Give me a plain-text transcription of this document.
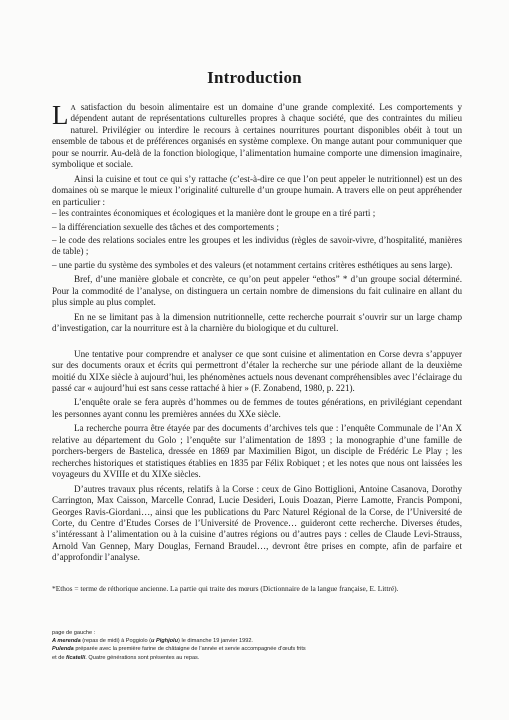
Introduction

LA satisfaction du besoin alimentaire est un domaine d’une grande complexité. Les comportements y dépendent autant de représentations culturelles propres à chaque société, que des contraintes du milieu naturel. Privilégier ou interdire le recours à certaines nourritures pourtant disponibles obéit à tout un ensemble de tabous et de préférences organisés en système complexe. On mange autant pour communiquer que pour se nourrir. Au-delà de la fonction biologique, l’alimentation humaine comporte une dimension imaginaire, symbolique et sociale.

Ainsi la cuisine et tout ce qui s’y rattache (c’est-à-dire ce que l’on peut appeler le nutritionnel) est un des domaines où se marque le mieux l’originalité culturelle d’un groupe humain. A travers elle on peut appréhender en particulier :

– les contraintes économiques et écologiques et la manière dont le groupe en a tiré parti ;
– la différenciation sexuelle des tâches et des comportements ;
– le code des relations sociales entre les groupes et les individus (règles de savoir-vivre, d’hospitalité, manières de table) ;
– une partie du système des symboles et des valeurs (et notamment certains critères esthétiques au sens large).

Bref, d’une manière globale et concrète, ce qu’on peut appeler “ethos” * d’un groupe social déterminé. Pour la commodité de l’analyse, on distinguera un certain nombre de dimensions du fait culinaire en allant du plus simple au plus complet.

En ne se limitant pas à la dimension nutritionnelle, cette recherche pourrait s’ouvrir sur un large champ d’investigation, car la nourriture est à la charnière du biologique et du culturel.

Une tentative pour comprendre et analyser ce que sont cuisine et alimentation en Corse devra s’appuyer sur des documents oraux et écrits qui permettront d’étaler la recherche sur une période allant de la deuxième moitié du XIXe siècle à aujourd’hui, les phénomènes actuels nous devenant compréhensibles avec l’éclairage du passé car « aujourd’hui est sans cesse rattaché à hier » (F. Zonabend, 1980, p. 221).

L’enquête orale se fera auprès d’hommes ou de femmes de toutes générations, en privilégiant cependant les personnes ayant connu les premières années du XXe siècle.

La recherche pourra être étayée par des documents d’archives tels que : l’enquête Communale de l’An X relative au département du Golo ; l’enquête sur l’alimentation de 1893 ; la monographie d’une famille de porchers-bergers de Bastelica, dressée en 1869 par Maximilien Bigot, un disciple de Frédéric Le Play ; les recherches historiques et statistiques établies en 1835 par Félix Robiquet ; et les notes que nous ont laissées les voyageurs du XVIIIe et du XIXe siècles.

D’autres travaux plus récents, relatifs à la Corse : ceux de Gino Bottiglioni, Antoine Casanova, Dorothy Carrington, Max Caisson, Marcelle Conrad, Lucie Desideri, Louis Doazan, Pierre Lamotte, Francis Pomponi, Georges Ravis-Giordani…, ainsi que les publications du Parc Naturel Régional de la Corse, de l’Université de Corte, du Centre d’Etudes Corses de l’Université de Provence… guideront cette recherche. Diverses études, s’intéressant à l’alimentation ou à la cuisine d’autres régions ou d’autres pays : celles de Claude Levi-Strauss, Arnold Van Gennep, Mary Douglas, Fernand Braudel…, devront être prises en compte, afin de parfaire et d’approfondir l’analyse.

*Ethos = terme de réthorique ancienne. La partie qui traite des mœurs (Dictionnaire de la langue française, E. Littré).
page de gauche :
A merenda (repas de midi) à Poggiolo (u Pighjolu) le dimanche 19 janvier 1992.
Pulenda préparée avec la première farine de châtaigne de l’année et servie accompagnée d’œufs frits
et de ficatelli. Quatre générations sont présentes au repas.
